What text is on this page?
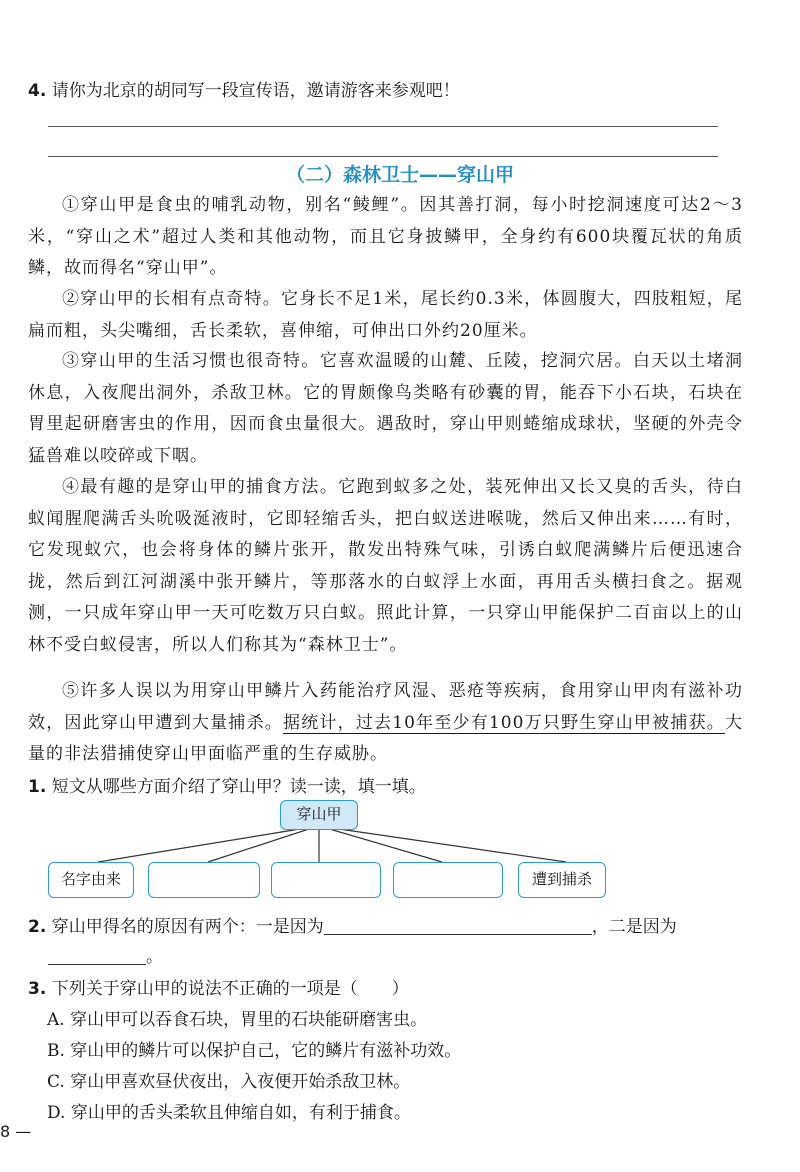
4. 请你为北京的胡同写一段宣传语，邀请游客来参观吧！
（二）森林卫士——穿山甲
①穿山甲是食虫的哺乳动物，别名“鲮鲤”。因其善打洞，每小时挖洞速度可达2～3米，“穿山之术”超过人类和其他动物，而且它身披鳞甲，全身约有600块覆瓦状的角质鳞，故而得名“穿山甲”。
②穿山甲的长相有点奇特。它身长不足1米，尾长约0.3米，体圆腹大，四肢粗短，尾扁而粗，头尖嘴细，舌长柔软，喜伸缩，可伸出口外约20厘米。
③穿山甲的生活习惯也很奇特。它喜欢温暖的山麓、丘陵，挖洞穴居。白天以土堵洞休息，入夜爬出洞外，杀敌卫林。它的胃颇像鸟类略有砂囊的胃，能吞下小石块，石块在胃里起研磨害虫的作用，因而食虫量很大。遇敌时，穿山甲则蜷缩成球状，坚硬的外壳令猛兽难以咬碎或下咽。
④最有趣的是穿山甲的捕食方法。它跑到蚁多之处，装死伸出又长又臭的舌头，待白蚁闻腥爬满舌头吮吸涎液时，它即轻缩舌头，把白蚁送进喉咙，然后又伸出来……有时，它发现蚁穴，也会将身体的鳞片张开，散发出特殊气味，引诱白蚁爬满鳞片后便迅速合拢，然后到江河湖溪中张开鳞片，等那落水的白蚁浮上水面，再用舌头横扫食之。据观测，一只成年穿山甲一天可吃数万只白蚁。照此计算，一只穿山甲能保护二百亩以上的山林不受白蚁侵害，所以人们称其为“森林卫士”。
⑤许多人误以为用穿山甲鳞片入药能治疗风湿、恶疮等疾病，食用穿山甲肉有滋补功效，因此穿山甲遭到大量捕杀。据统计，过去10年至少有100万只野生穿山甲被捕获。大量的非法猎捕使穿山甲面临严重的生存威胁。
1. 短文从哪些方面介绍了穿山甲？读一读，填一填。
穿山甲
名字由来	遭到捕杀
2. 穿山甲得名的原因有两个：一是因为	，二是因为
。
3. 下列关于穿山甲的说法不正确的一项是（　　）
A. 穿山甲可以吞食石块，胃里的石块能研磨害虫。
B. 穿山甲的鳞片可以保护自己，它的鳞片有滋补功效。
C. 穿山甲喜欢昼伏夜出，入夜便开始杀敌卫林。
D. 穿山甲的舌头柔软且伸缩自如，有利于捕食。
8 —
